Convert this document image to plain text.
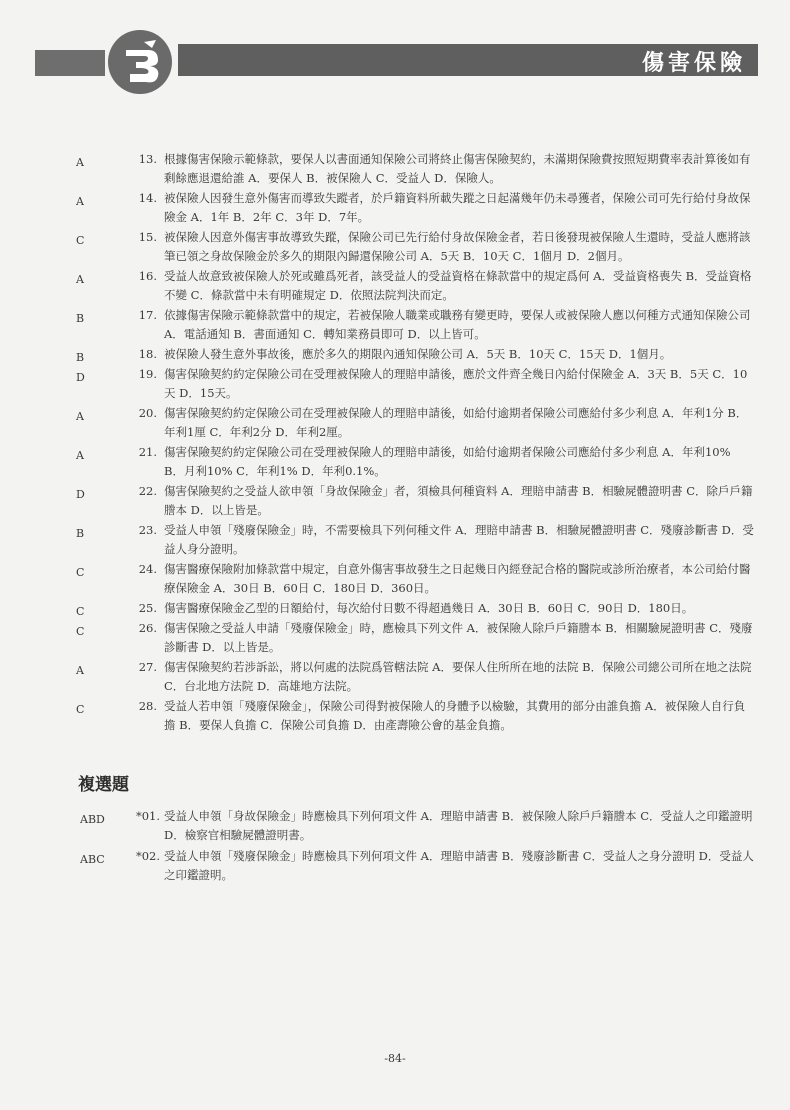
傷害保險
A	13. 根據傷害保險示範條款，要保人以書面通知保險公司將終止傷害保險契約，未滿期保險費按照短期費率表計算後如有剩餘應退還給誰 A．要保人 B．被保險人 C．受益人 D．保險人。
A	14. 被保險人因發生意外傷害而導致失蹤者，於戶籍資料所載失蹤之日起滿幾年仍未尋獲者，保險公司可先行給付身故保險金 A．1年 B．2年 C．3年 D．7年。
C	15. 被保險人因意外傷害事故導致失蹤，保險公司已先行給付身故保險金者，若日後發現被保險人生還時，受益人應將該筆已領之身故保險金於多久的期限內歸還保險公司 A．5天 B．10天 C．1個月 D．2個月。
A	16. 受益人故意致被保險人於死或雖爲死者，該受益人的受益資格在條款當中的規定爲何 A．受益資格喪失 B．受益資格不變 C．條款當中未有明確規定 D．依照法院判決而定。
B	17. 依據傷害保險示範條款當中的規定，若被保險人職業或職務有變更時，要保人或被保險人應以何種方式通知保險公司 A．電話通知 B．書面通知 C．轉知業務員即可 D．以上皆可。
B	18. 被保險人發生意外事故後，應於多久的期限內通知保險公司 A．5天 B．10天 C．15天 D．1個月。
D	19. 傷害保險契約約定保險公司在受理被保險人的理賠申請後，應於文件齊全幾日內給付保險金 A．3天 B．5天 C．10天 D．15天。
A	20. 傷害保險契約約定保險公司在受理被保險人的理賠申請後，如給付逾期者保險公司應給付多少利息 A．年利1分 B．年利1厘 C．年利2分 D．年利2厘。
A	21. 傷害保險契約約定保險公司在受理被保險人的理賠申請後，如給付逾期者保險公司應給付多少利息 A．年利10% B．月利10% C．年利1% D．年利0.1%。
D	22. 傷害保險契約之受益人欲申領「身故保險金」者，須檢具何種資料 A．理賠申請書 B．相驗屍體證明書 C．除戶戶籍謄本 D．以上皆是。
B	23. 受益人申領「殘廢保險金」時，不需要檢具下列何種文件 A．理賠申請書 B．相驗屍體證明書 C．殘廢診斷書 D．受益人身分證明。
C	24. 傷害醫療保險附加條款當中規定，自意外傷害事故發生之日起幾日內經登記合格的醫院或診所治療者，本公司給付醫療保險金 A．30日 B．60日 C．180日 D．360日。
C	25. 傷害醫療保險金乙型的日額給付，每次給付日數不得超過幾日 A．30日 B．60日 C．90日 D．180日。
C	26. 傷害保險之受益人申請「殘廢保險金」時，應檢具下列文件 A．被保險人除戶戶籍謄本 B．相關驗屍證明書 C．殘廢診斷書 D．以上皆是。
A	27. 傷害保險契約若涉訴訟，將以何處的法院爲管轄法院 A．要保人住所所在地的法院 B．保險公司總公司所在地之法院 C．台北地方法院 D．高雄地方法院。
C	28. 受益人若申領「殘廢保險金」，保險公司得對被保險人的身體予以檢驗，其費用的部分由誰負擔 A．被保險人自行負擔 B．要保人負擔 C．保險公司負擔 D．由產壽險公會的基金負擔。
複選題
ABD	*01. 受益人申領「身故保險金」時應檢具下列何項文件 A．理賠申請書 B．被保險人除戶戶籍謄本 C．受益人之印鑑證明 D．檢察官相驗屍體證明書。
ABC	*02. 受益人申領「殘廢保險金」時應檢具下列何項文件 A．理賠申請書 B．殘廢診斷書 C．受益人之身分證明 D．受益人之印鑑證明。
-84-
